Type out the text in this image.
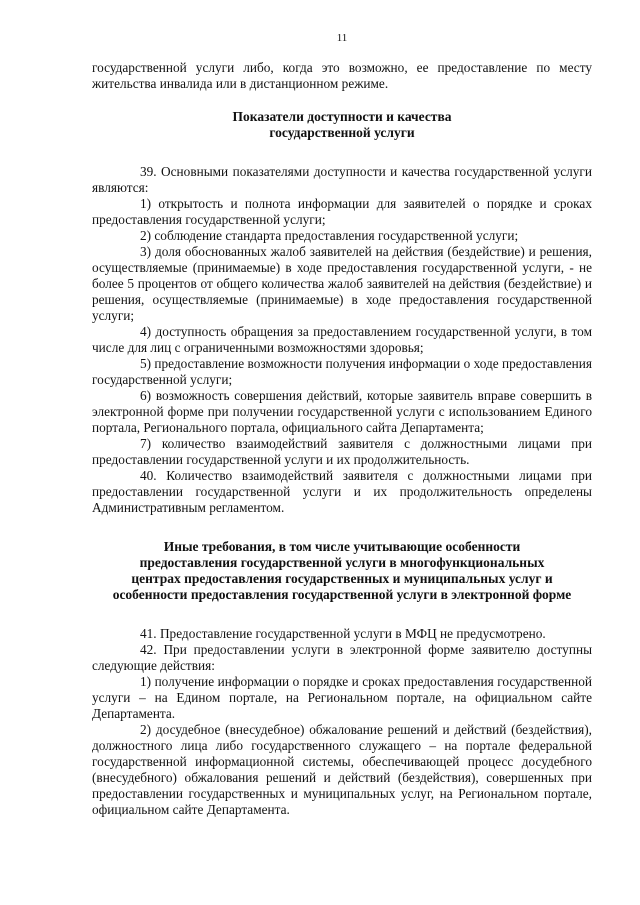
11

государственной услуги либо, когда это возможно, ее предоставление по месту жительства инвалида или в дистанционном режиме.

Показатели доступности и качества
государственной услуги

39. Основными показателями доступности и качества государственной услуги являются:

1) открытость и полнота информации для заявителей о порядке и сроках предоставления государственной услуги;

2) соблюдение стандарта предоставления государственной услуги;

3) доля обоснованных жалоб заявителей на действия (бездействие) и решения, осуществляемые (принимаемые) в ходе предоставления государственной услуги, - не более 5 процентов от общего количества жалоб заявителей на действия (бездействие) и решения, осуществляемые (принимаемые) в ходе предоставления государственной услуги;

4) доступность обращения за предоставлением государственной услуги, в том числе для лиц с ограниченными возможностями здоровья;

5) предоставление возможности получения информации о ходе предоставления государственной услуги;

6) возможность совершения действий, которые заявитель вправе совершить в электронной форме при получении государственной услуги с использованием Единого портала, Регионального портала, официального сайта Департамента;

7) количество взаимодействий заявителя с должностными лицами при предоставлении государственной услуги и их продолжительность.

40. Количество взаимодействий заявителя с должностными лицами при предоставлении государственной услуги и их продолжительность определены Административным регламентом.

Иные требования, в том числе учитывающие особенности
предоставления государственной услуги в многофункциональных
центрах предоставления государственных и муниципальных услуг и
особенности предоставления государственной услуги в электронной форме

41. Предоставление государственной услуги в МФЦ не предусмотрено.

42. При предоставлении услуги в электронной форме заявителю доступны следующие действия:

1) получение информации о порядке и сроках предоставления государственной услуги – на Едином портале, на Региональном портале, на официальном сайте Департамента.

2) досудебное (внесудебное) обжалование решений и действий (бездействия), должностного лица либо государственного служащего – на портале федеральной государственной информационной системы, обеспечивающей процесс досудебного (внесудебного) обжалования решений и действий (бездействия), совершенных при предоставлении государственных и муниципальных услуг, на Региональном портале, официальном сайте Департамента.
